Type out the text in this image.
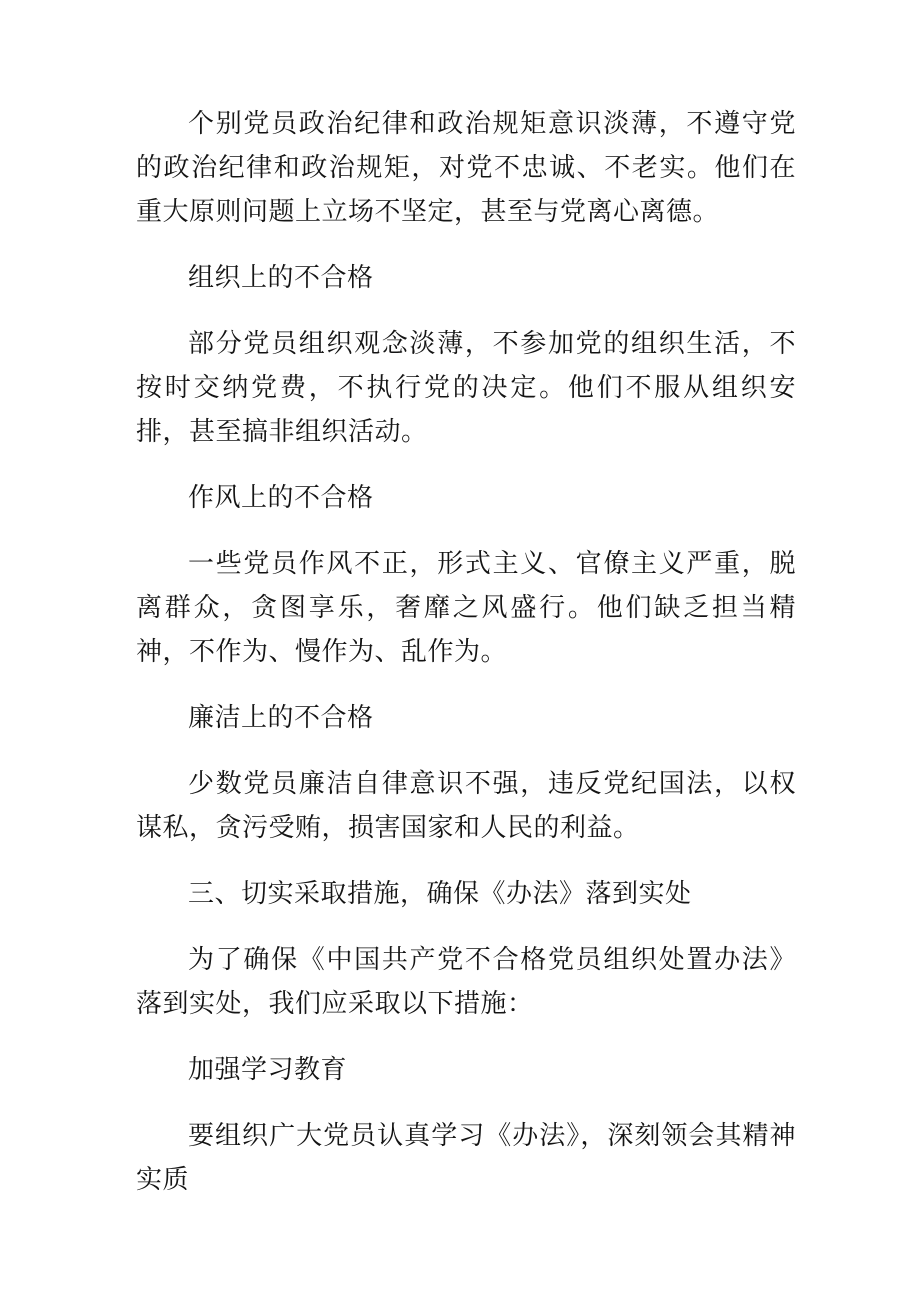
个别党员政治纪律和政治规矩意识淡薄，不遵守党的政治纪律和政治规矩，对党不忠诚、不老实。他们在重大原则问题上立场不坚定，甚至与党离心离德。

组织上的不合格

部分党员组织观念淡薄，不参加党的组织生活，不按时交纳党费，不执行党的决定。他们不服从组织安排，甚至搞非组织活动。

作风上的不合格

一些党员作风不正，形式主义、官僚主义严重，脱离群众，贪图享乐，奢靡之风盛行。他们缺乏担当精神，不作为、慢作为、乱作为。

廉洁上的不合格

少数党员廉洁自律意识不强，违反党纪国法，以权谋私，贪污受贿，损害国家和人民的利益。

三、切实采取措施，确保《办法》落到实处

为了确保《中国共产党不合格党员组织处置办法》落到实处，我们应采取以下措施：

加强学习教育

要组织广大党员认真学习《办法》，深刻领会其精神实质
